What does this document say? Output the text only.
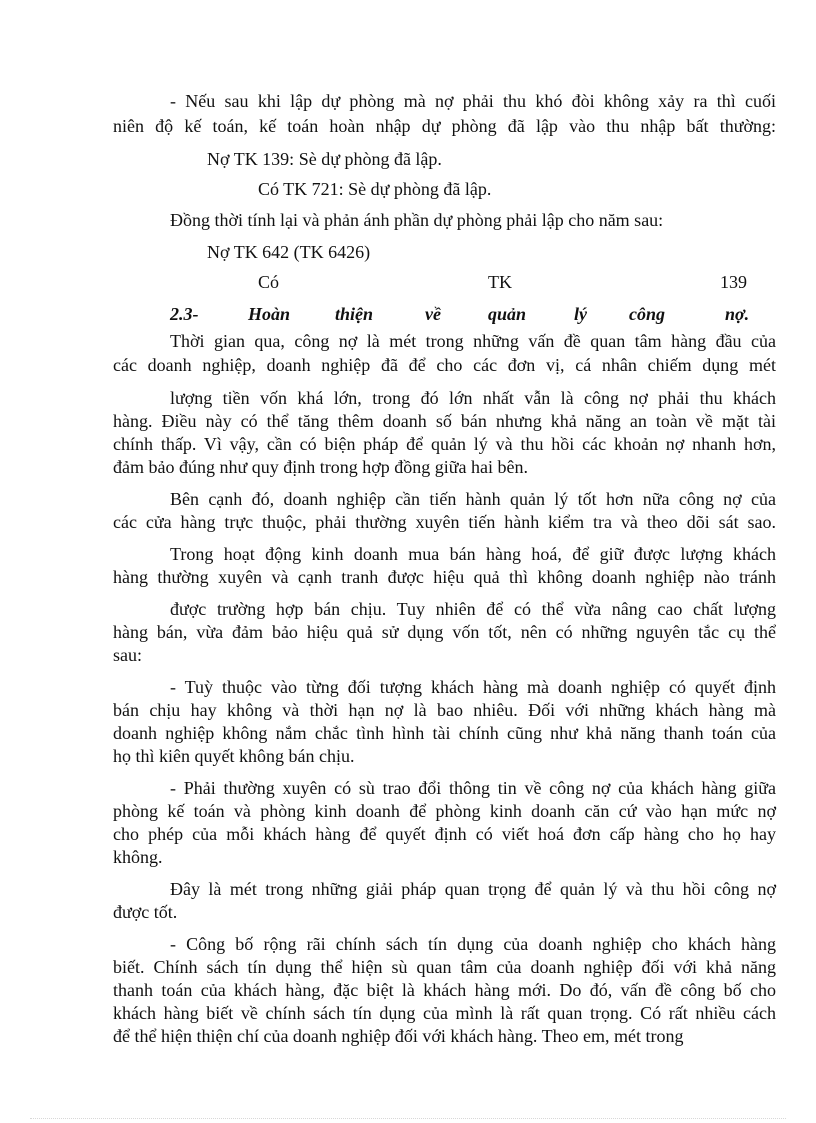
- Nếu sau khi lập dự phòng mà nợ phải thu khó đòi không xảy ra thì cuối
niên độ kế toán, kế toán hoàn nhập dự phòng đã lập vào thu nhập bất thường:
Nợ TK 139: Sè dự phòng đã lập.
Có TK 721: Sè dự phòng đã lập.
Đồng thời tính lại và phản ánh phần dự phòng phải lập cho năm sau:
Nợ TK 642 (TK 6426)
Có	TK	139
2.3-	Hoàn thiện	về	quản	lý công	nợ.
Thời gian qua, công nợ là mét trong những vấn đề quan tâm hàng đầu của
các doanh nghiệp, doanh nghiệp đã để cho các đơn vị, cá nhân chiếm dụng mét
lượng tiền vốn khá lớn, trong đó lớn nhất vẫn là công nợ phải thu khách
hàng. Điều này có thể tăng thêm doanh số bán nhưng khả năng an toàn về mặt tài
chính thấp. Vì vậy, cần có biện pháp để quản lý và thu hồi các khoản nợ nhanh hơn,
đảm bảo đúng như quy định trong hợp đồng giữa hai bên.
Bên cạnh đó, doanh nghiệp cần tiến hành quản lý tốt hơn nữa công nợ của
các cửa hàng trực thuộc, phải thường xuyên tiến hành kiểm tra và theo dõi sát sao.
Trong hoạt động kinh doanh mua bán hàng hoá, để giữ được lượng khách
hàng thường xuyên và cạnh tranh được hiệu quả thì không doanh nghiệp nào tránh
được trường hợp bán chịu. Tuy nhiên để có thể vừa nâng cao chất lượng
hàng bán, vừa đảm bảo hiệu quả sử dụng vốn tốt, nên có những nguyên tắc cụ thể
sau:
- Tuỳ thuộc vào từng đối tượng khách hàng mà doanh nghiệp có quyết định
bán chịu hay không và thời hạn nợ là bao nhiêu. Đối với những khách hàng mà
doanh nghiệp không nắm chắc tình hình tài chính cũng như khả năng thanh toán của
họ thì kiên quyết không bán chịu.
- Phải thường xuyên có sù trao đổi thông tin về công nợ của khách hàng giữa
phòng kế toán và phòng kinh doanh để phòng kinh doanh căn cứ vào hạn mức nợ
cho phép của mỗi khách hàng để quyết định có viết hoá đơn cấp hàng cho họ hay
không.
Đây là mét trong những giải pháp quan trọng để quản lý và thu hồi công nợ
được tốt.
- Công bố rộng rãi chính sách tín dụng của doanh nghiệp cho khách hàng
biết. Chính sách tín dụng thể hiện sù quan tâm của doanh nghiệp đối với khả năng
thanh toán của khách hàng, đặc biệt là khách hàng mới. Do đó, vấn đề công bố cho
khách hàng biết về chính sách tín dụng của mình là rất quan trọng. Có rất nhiều cách
để thể hiện thiện chí của doanh nghiệp đối với khách hàng. Theo em, mét trong
